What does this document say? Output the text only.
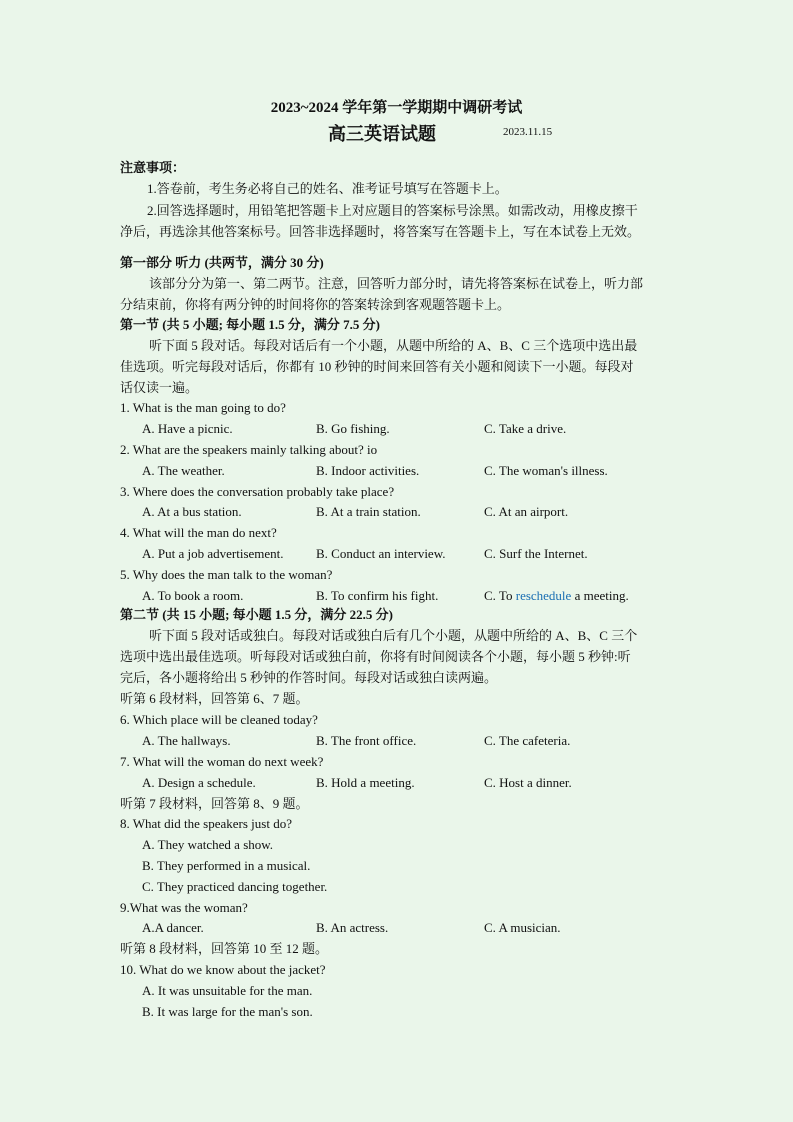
2023~2024 学年第一学期期中调研考试
高三英语试题	2023.11.15
注意事项：
1.答卷前，考生务必将自己的姓名、准考证号填写在答题卡上。
2.回答选择题时，用铅笔把答题卡上对应题目的答案标号涂黑。如需改动，用橡皮擦干
净后，再选涂其他答案标号。回答非选择题时，将答案写在答题卡上，写在本试卷上无效。
第一部分 听力 (共两节，满分 30 分)
该部分分为第一、第二两节。注意，回答听力部分时，请先将答案标在试卷上，听力部
分结束前，你将有两分钟的时间将你的答案转涂到客观题答题卡上。
第一节 (共 5 小题; 每小题 1.5 分，满分 7.5 分)
听下面 5 段对话。每段对话后有一个小题，从题中所给的 A、B、C 三个选项中选出最
佳选项。听完每段对话后，你都有 10 秒钟的时间来回答有关小题和阅读下一小题。每段对
话仅读一遍。
1. What is the man going to do?
A. Have a picnic.	B. Go fishing.	C. Take a drive.
2. What are the speakers mainly talking about? io
A. The weather.	B. Indoor activities.	C. The woman's illness.
3. Where does the conversation probably take place?
A. At a bus station.	B. At a train station.	C. At an airport.
4. What will the man do next?
A. Put a job advertisement. B. Conduct an interview.	C. Surf the Internet.
5. Why does the man talk to the woman?
A. To book a room.	B. To confirm his fight.	C. To reschedule a meeting.
第二节 (共 15 小题; 每小题 1.5 分，满分 22.5 分)
听下面 5 段对话或独白。每段对话或独白后有几个小题，从题中所给的 A、B、C 三个
选项中选出最佳选项。听每段对话或独白前，你将有时间阅读各个小题，每小题 5 秒钟:听
完后，各小题将给出 5 秒钟的作答时间。每段对话或独白读两遍。
听第 6 段材料，回答第 6、7 题。
6. Which place will be cleaned today?
A. The hallways.	B. The front office.	C. The cafeteria.
7. What will the woman do next week?
A. Design a schedule.	B. Hold a meeting.	C. Host a dinner.
听第 7 段材料，回答第 8、9 题。
8. What did the speakers just do?
A. They watched a show.
B. They performed in a musical.
C. They practiced dancing together.
9.What was the woman?
A.A dancer.	B. An actress.	C. A musician.
听第 8 段材料，回答第 10 至 12 题。
10. What do we know about the jacket?
A. It was unsuitable for the man.
B. It was large for the man's son.
